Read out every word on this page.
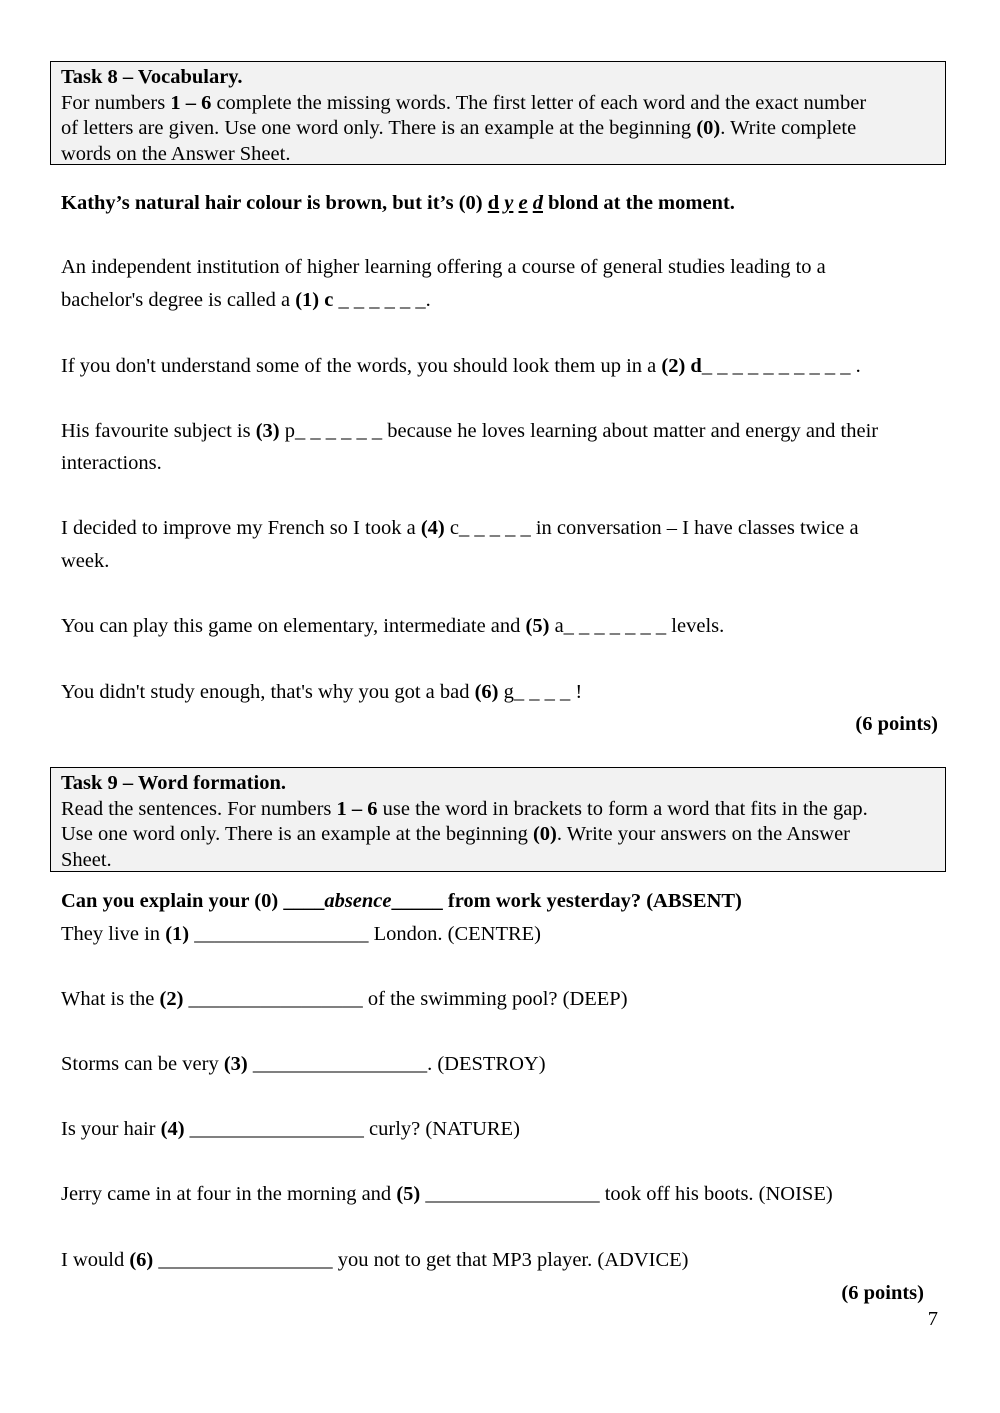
Task 8 – Vocabulary.
For numbers 1 – 6 complete the missing words. The first letter of each word and the exact number
of letters are given. Use one word only. There is an example at the beginning (0). Write complete
words on the Answer Sheet.
Kathy’s natural hair colour is brown, but it’s (0) d y e d blond at the moment.
An independent institution of higher learning offering a course of general studies leading to a
bachelor's degree is called a (1) c _ _ _ _ _ _.
If you don't understand some of the words, you should look them up in a (2) d_ _ _ _ _ _ _ _ _ _ .
His favourite subject is (3) p_ _ _ _ _ _ because he loves learning about matter and energy and their
interactions.
I decided to improve my French so I took a (4) c_ _ _ _ _ in conversation – I have classes twice a
week.
You can play this game on elementary, intermediate and (5) a_ _ _ _ _ _ _ levels.
You didn't study enough, that's why you got a bad (6) g_ _ _ _ !
(6 points)
Task 9 – Word formation.
Read the sentences. For numbers 1 – 6 use the word in brackets to form a word that fits in the gap.
Use one word only. There is an example at the beginning (0). Write your answers on the Answer
Sheet.
Can you explain your (0) ____absence_____ from work yesterday? (ABSENT)
They live in (1) _________________ London. (CENTRE)
What is the (2) _________________ of the swimming pool? (DEEP)
Storms can be very (3) _________________. (DESTROY)
Is your hair (4) _________________ curly? (NATURE)
Jerry came in at four in the morning and (5) _________________ took off his boots. (NOISE)
I would (6) _________________ you not to get that MP3 player. (ADVICE)
(6 points)
7
